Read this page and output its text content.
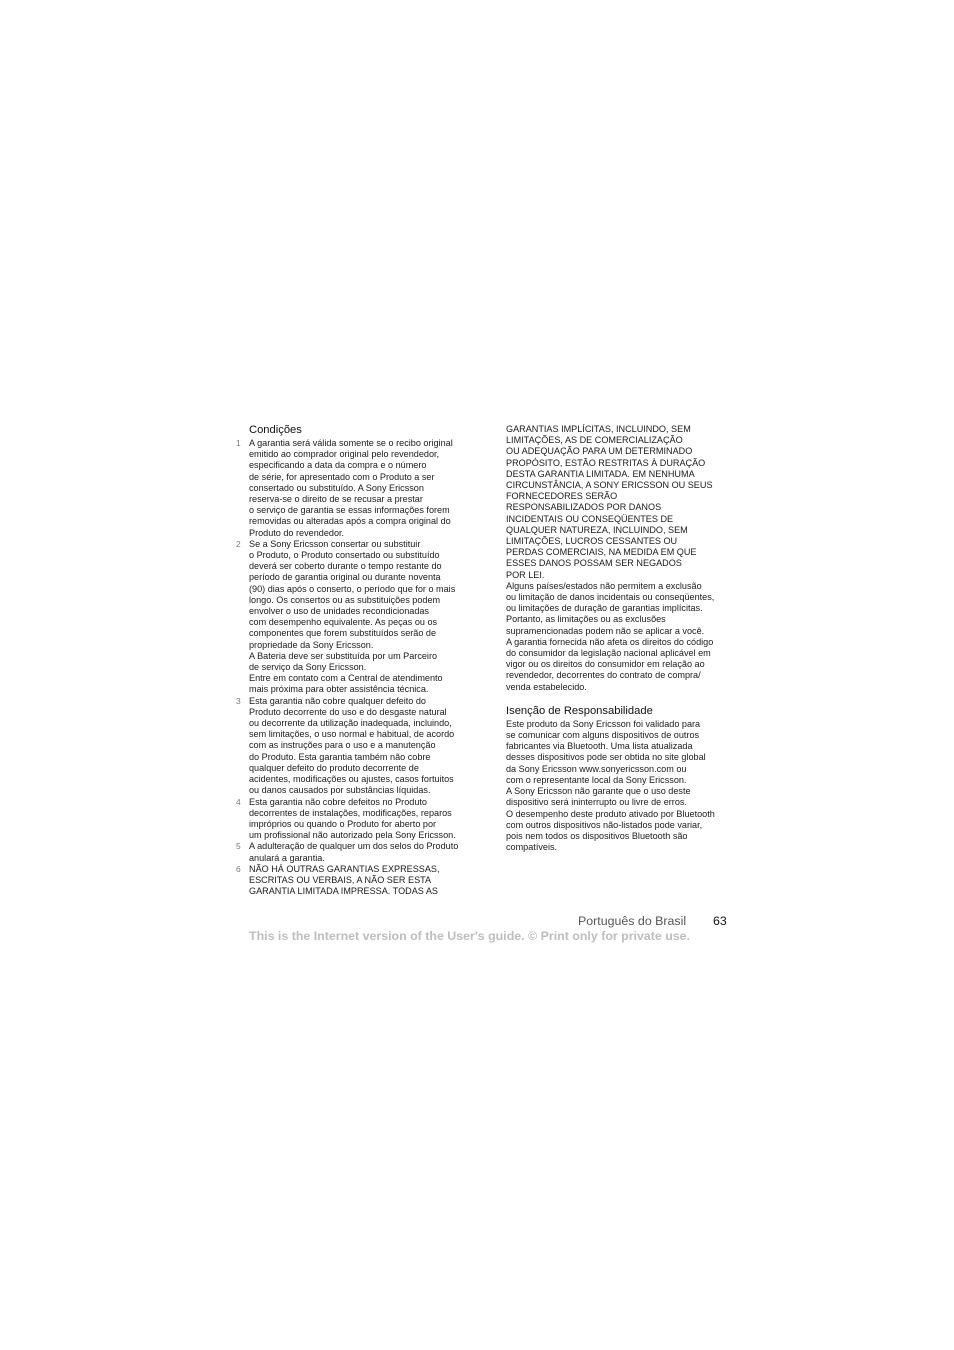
Condições
1 A garantia será válida somente se o recibo original
emitido ao comprador original pelo revendedor,
especificando a data da compra e o número
de série, for apresentado com o Produto a ser
consertado ou substituído. A Sony Ericsson
reserva-se o direito de se recusar a prestar
o serviço de garantia se essas informações forem
removidas ou alteradas após a compra original do
Produto do revendedor.
2 Se a Sony Ericsson consertar ou substituir
o Produto, o Produto consertado ou substituído
deverá ser coberto durante o tempo restante do
período de garantia original ou durante noventa
(90) dias após o conserto, o período que for o mais
longo. Os consertos ou as substituições podem
envolver o uso de unidades recondicionadas
com desempenho equivalente. As peças ou os
componentes que forem substituídos serão de
propriedade da Sony Ericsson.
A Bateria deve ser substituída por um Parceiro
de serviço da Sony Ericsson.
Entre em contato com a Central de atendimento
mais próxima para obter assistência técnica.
3 Esta garantia não cobre qualquer defeito do
Produto decorrente do uso e do desgaste natural
ou decorrente da utilização inadequada, incluindo,
sem limitações, o uso normal e habitual, de acordo
com as instruções para o uso e a manutenção
do Produto. Esta garantia também não cobre
qualquer defeito do produto decorrente de
acidentes, modificações ou ajustes, casos fortuitos
ou danos causados por substâncias líquidas.
4 Esta garantia não cobre defeitos no Produto
decorrentes de instalações, modificações, reparos
impróprios ou quando o Produto for aberto por
um profissional não autorizado pela Sony Ericsson.
5 A adulteração de qualquer um dos selos do Produto
anulará a garantia.
6 NÃO HÁ OUTRAS GARANTIAS EXPRESSAS,
ESCRITAS OU VERBAIS, A NÃO SER ESTA
GARANTIA LIMITADA IMPRESSA. TODAS AS
GARANTIAS IMPLÍCITAS, INCLUINDO, SEM
LIMITAÇÕES, AS DE COMERCIALIZAÇÃO
OU ADEQUAÇÃO PARA UM DETERMINADO
PROPÓSITO, ESTÃO RESTRITAS À DURAÇÃO
DESTA GARANTIA LIMITADA. EM NENHUMA
CIRCUNSTÂNCIA, A SONY ERICSSON OU SEUS
FORNECEDORES SERÃO
RESPONSABILIZADOS POR DANOS
INCIDENTAIS OU CONSEQÜENTES DE
QUALQUER NATUREZA, INCLUINDO, SEM
LIMITAÇÕES, LUCROS CESSANTES OU
PERDAS COMERCIAIS, NA MEDIDA EM QUE
ESSES DANOS POSSAM SER NEGADOS
POR LEI.
Alguns países/estados não permitem a exclusão
ou limitação de danos incidentais ou conseqüentes,
ou limitações de duração de garantias implícitas.
Portanto, as limitações ou as exclusões
supramencionadas podem não se aplicar a você.
A garantia fornecida não afeta os direitos do código
do consumidor da legislação nacional aplicável em
vigor ou os direitos do consumidor em relação ao
revendedor, decorrentes do contrato de compra/
venda estabelecido.
Isenção de Responsabilidade
Este produto da Sony Ericsson foi validado para
se comunicar com alguns dispositivos de outros
fabricantes via Bluetooth. Uma lista atualizada
desses dispositivos pode ser obtida no site global
da Sony Ericsson www.sonyericsson.com ou
com o representante local da Sony Ericsson.
A Sony Ericsson não garante que o uso deste
dispositivo será ininterrupto ou livre de erros.
O desempenho deste produto ativado por Bluetooth
com outros dispositivos não-listados pode variar,
pois nem todos os dispositivos Bluetooth são
compatíveis.
Português do Brasil 63
This is the Internet version of the User's guide. © Print only for private use.
